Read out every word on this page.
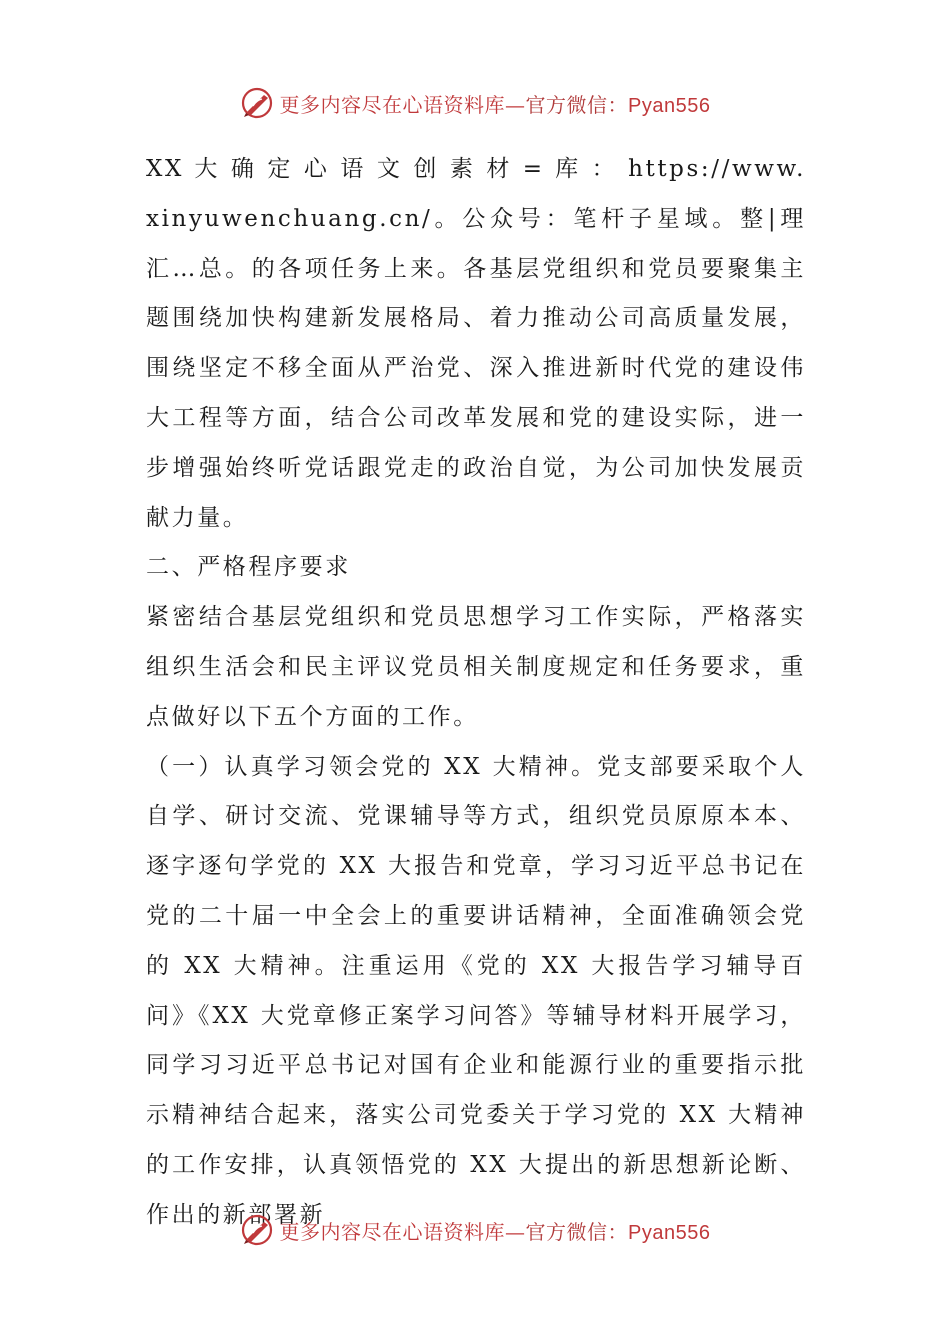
更多内容尽在心语资料库—官方微信：Pyan556

XX 大 确 定 心 语 文 创 素 材 = 库 ： https://www.xinyuwenchuang.cn/。公众号：笔杆子星域。整|理汇…总。的各项任务上来。各基层党组织和党员要聚集主题围绕加快构建新发展格局、着力推动公司高质量发展，围绕坚定不移全面从严治党、深入推进新时代党的建设伟大工程等方面，结合公司改革发展和党的建设实际，进一步增强始终听党话跟党走的政治自觉，为公司加快发展贡献力量。

二、严格程序要求

紧密结合基层党组织和党员思想学习工作实际，严格落实组织生活会和民主评议党员相关制度规定和任务要求，重点做好以下五个方面的工作。

（一）认真学习领会党的 XX 大精神。党支部要采取个人自学、研讨交流、党课辅导等方式，组织党员原原本本、逐字逐句学党的 XX 大报告和党章，学习习近平总书记在党的二十届一中全会上的重要讲话精神，全面准确领会党的 XX 大精神。注重运用《党的 XX 大报告学习辅导百问》《XX 大党章修正案学习问答》等辅导材料开展学习，同学习习近平总书记对国有企业和能源行业的重要指示批示精神结合起来，落实公司党委关于学习党的 XX 大精神的工作安排，认真领悟党的 XX 大提出的新思想新论断、作出的新部署新

更多内容尽在心语资料库—官方微信：Pyan556
